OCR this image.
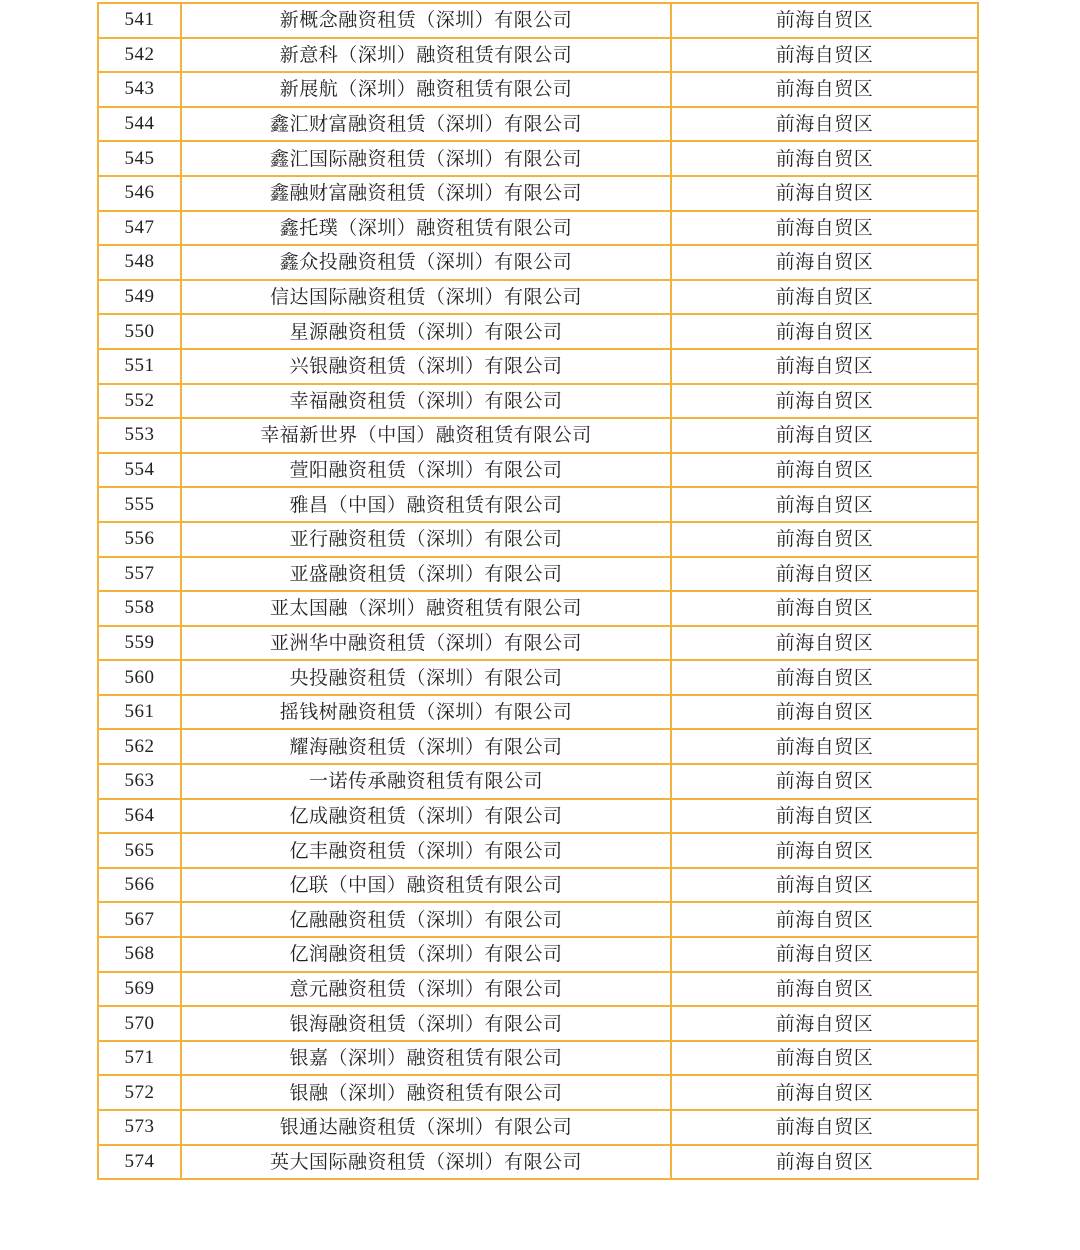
541	新概念融资租赁（深圳）有限公司	前海自贸区
542	新意科（深圳）融资租赁有限公司	前海自贸区
543	新展航（深圳）融资租赁有限公司	前海自贸区
544	鑫汇财富融资租赁（深圳）有限公司	前海自贸区
545	鑫汇国际融资租赁（深圳）有限公司	前海自贸区
546	鑫融财富融资租赁（深圳）有限公司	前海自贸区
547	鑫托璞（深圳）融资租赁有限公司	前海自贸区
548	鑫众投融资租赁（深圳）有限公司	前海自贸区
549	信达国际融资租赁（深圳）有限公司	前海自贸区
550	星源融资租赁（深圳）有限公司	前海自贸区
551	兴银融资租赁（深圳）有限公司	前海自贸区
552	幸福融资租赁（深圳）有限公司	前海自贸区
553	幸福新世界（中国）融资租赁有限公司	前海自贸区
554	萱阳融资租赁（深圳）有限公司	前海自贸区
555	雅昌（中国）融资租赁有限公司	前海自贸区
556	亚行融资租赁（深圳）有限公司	前海自贸区
557	亚盛融资租赁（深圳）有限公司	前海自贸区
558	亚太国融（深圳）融资租赁有限公司	前海自贸区
559	亚洲华中融资租赁（深圳）有限公司	前海自贸区
560	央投融资租赁（深圳）有限公司	前海自贸区
561	摇钱树融资租赁（深圳）有限公司	前海自贸区
562	耀海融资租赁（深圳）有限公司	前海自贸区
563	一诺传承融资租赁有限公司	前海自贸区
564	亿成融资租赁（深圳）有限公司	前海自贸区
565	亿丰融资租赁（深圳）有限公司	前海自贸区
566	亿联（中国）融资租赁有限公司	前海自贸区
567	亿融融资租赁（深圳）有限公司	前海自贸区
568	亿润融资租赁（深圳）有限公司	前海自贸区
569	意元融资租赁（深圳）有限公司	前海自贸区
570	银海融资租赁（深圳）有限公司	前海自贸区
571	银嘉（深圳）融资租赁有限公司	前海自贸区
572	银融（深圳）融资租赁有限公司	前海自贸区
573	银通达融资租赁（深圳）有限公司	前海自贸区
574	英大国际融资租赁（深圳）有限公司	前海自贸区
